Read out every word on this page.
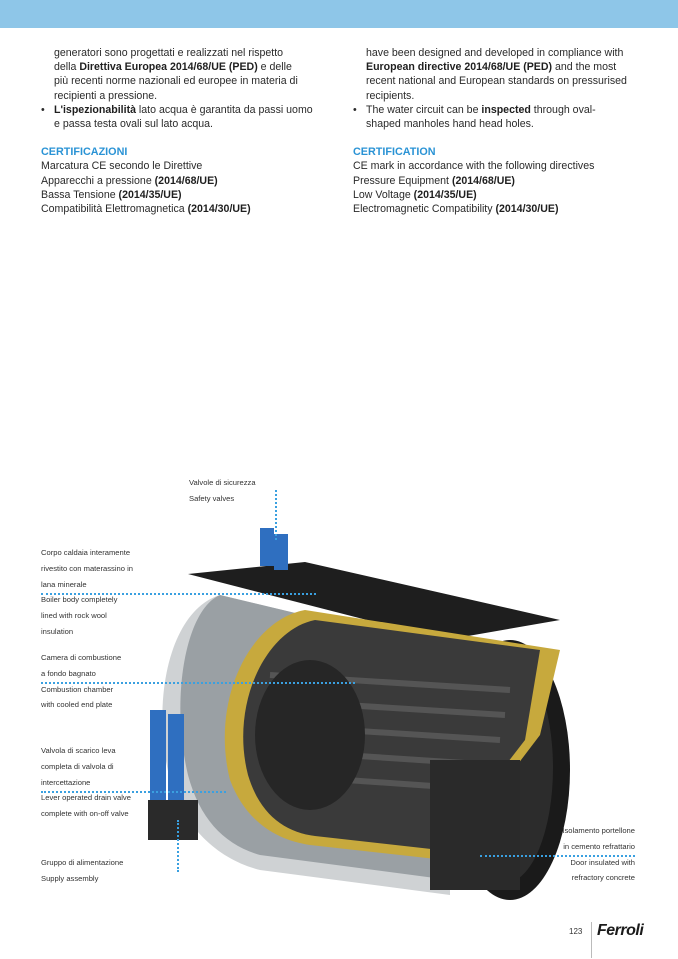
generatori sono progettati e realizzati nel rispetto
della Direttiva Europea 2014/68/UE (PED) e delle
più recenti norme nazionali ed europee in materia di
recipienti a pressione.
• L'ispezionabilità lato acqua è garantita da passi uomo
e passa testa ovali sul lato acqua.
CERTIFICAZIONI
Marcatura CE secondo le Direttive
Apparecchi a pressione (2014/68/UE)
Bassa Tensione (2014/35/UE)
Compatibilità Elettromagnetica (2014/30/UE)
have been designed and developed in compliance with
European directive 2014/68/UE (PED) and the most
recent national and European standards on pressurised
recipients.
• The water circuit can be inspected through oval-
shaped manholes hand head holes.
CERTIFICATION
CE mark in accordance with the following directives
Pressure Equipment (2014/68/UE)
Low Voltage (2014/35/UE)
Electromagnetic Compatibility (2014/30/UE)
Valvole di sicurezza
Safety valves
Corpo caldaia interamente
rivestito con materassino in
lana minerale
Boiler body completely
lined with rock wool
insulation
Camera di combustione
a fondo bagnato
Combustion chamber
with cooled end plate
Valvola di scarico leva
completa di valvola di
intercettazione
Lever operated drain valve
complete with on-off valve
Gruppo di alimentazione
Supply assembly
Isolamento portellone
in cemento refrattario
Door insulated with
refractory concrete
123 Ferroli
